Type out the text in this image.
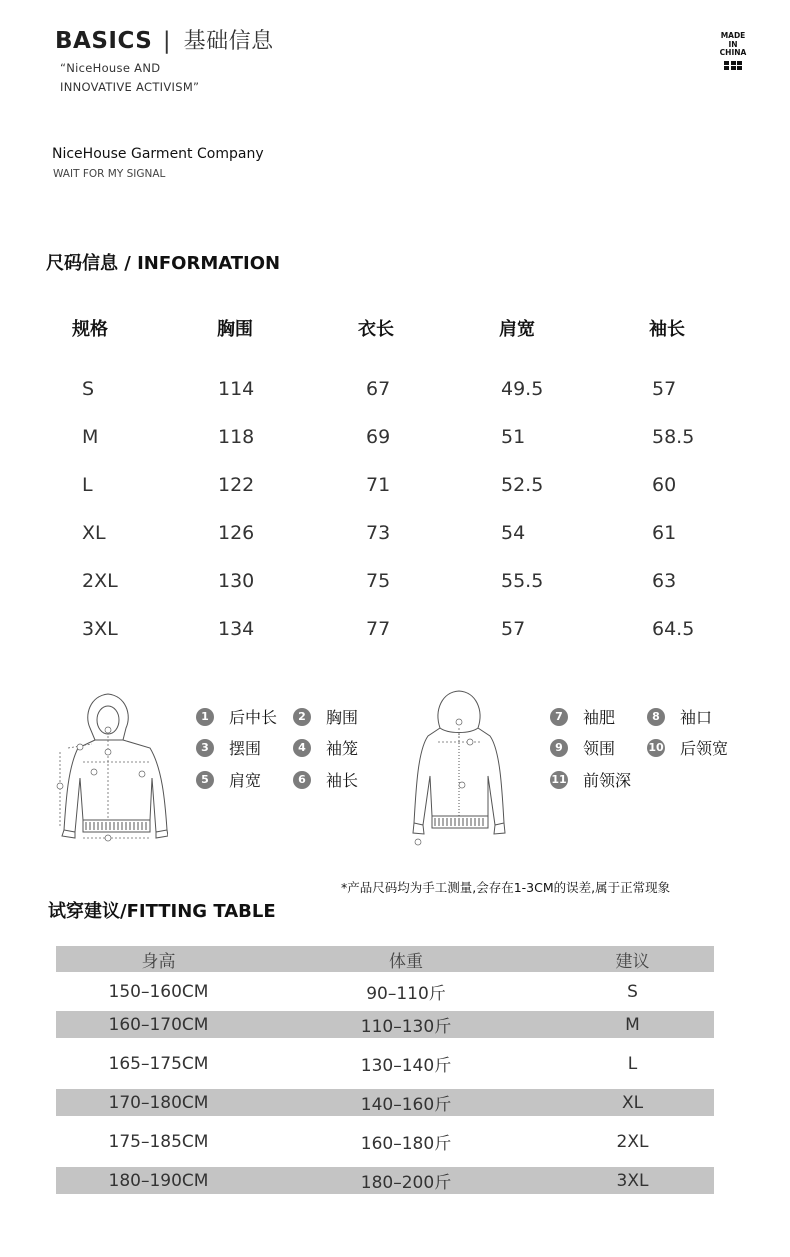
BASICS | 基础信息
“NiceHouse AND
INNOVATIVE ACTIVISM”
MADE
IN
CHINA
NiceHouse Garment Company
WAIT FOR MY SIGNAL
尺码信息 / INFORMATION
规格	胸围	衣长	肩宽	袖长
S	114	67	49.5	57
M	118	69	51	58.5
L	122	71	52.5	60
XL	126	73	54	61
2XL	130	75	55.5	63
3XL	134	77	57	64.5
1	后中长	2	胸围
3	摆围	4	袖笼
5	肩宽	6	袖长
7	袖肥	8	袖口
9	领围	10 后领宽
11 前领深
*产品尺码均为手工测量,会存在1-3CM的误差,属于正常现象
试穿建议/FITTING TABLE
身高	体重	建议
150–160CM	90–110斤	S
160–170CM	110–130斤	M
165–175CM	130–140斤	L
170–180CM	140–160斤	XL
175–185CM	160–180斤	2XL
180–190CM	180–200斤	3XL
